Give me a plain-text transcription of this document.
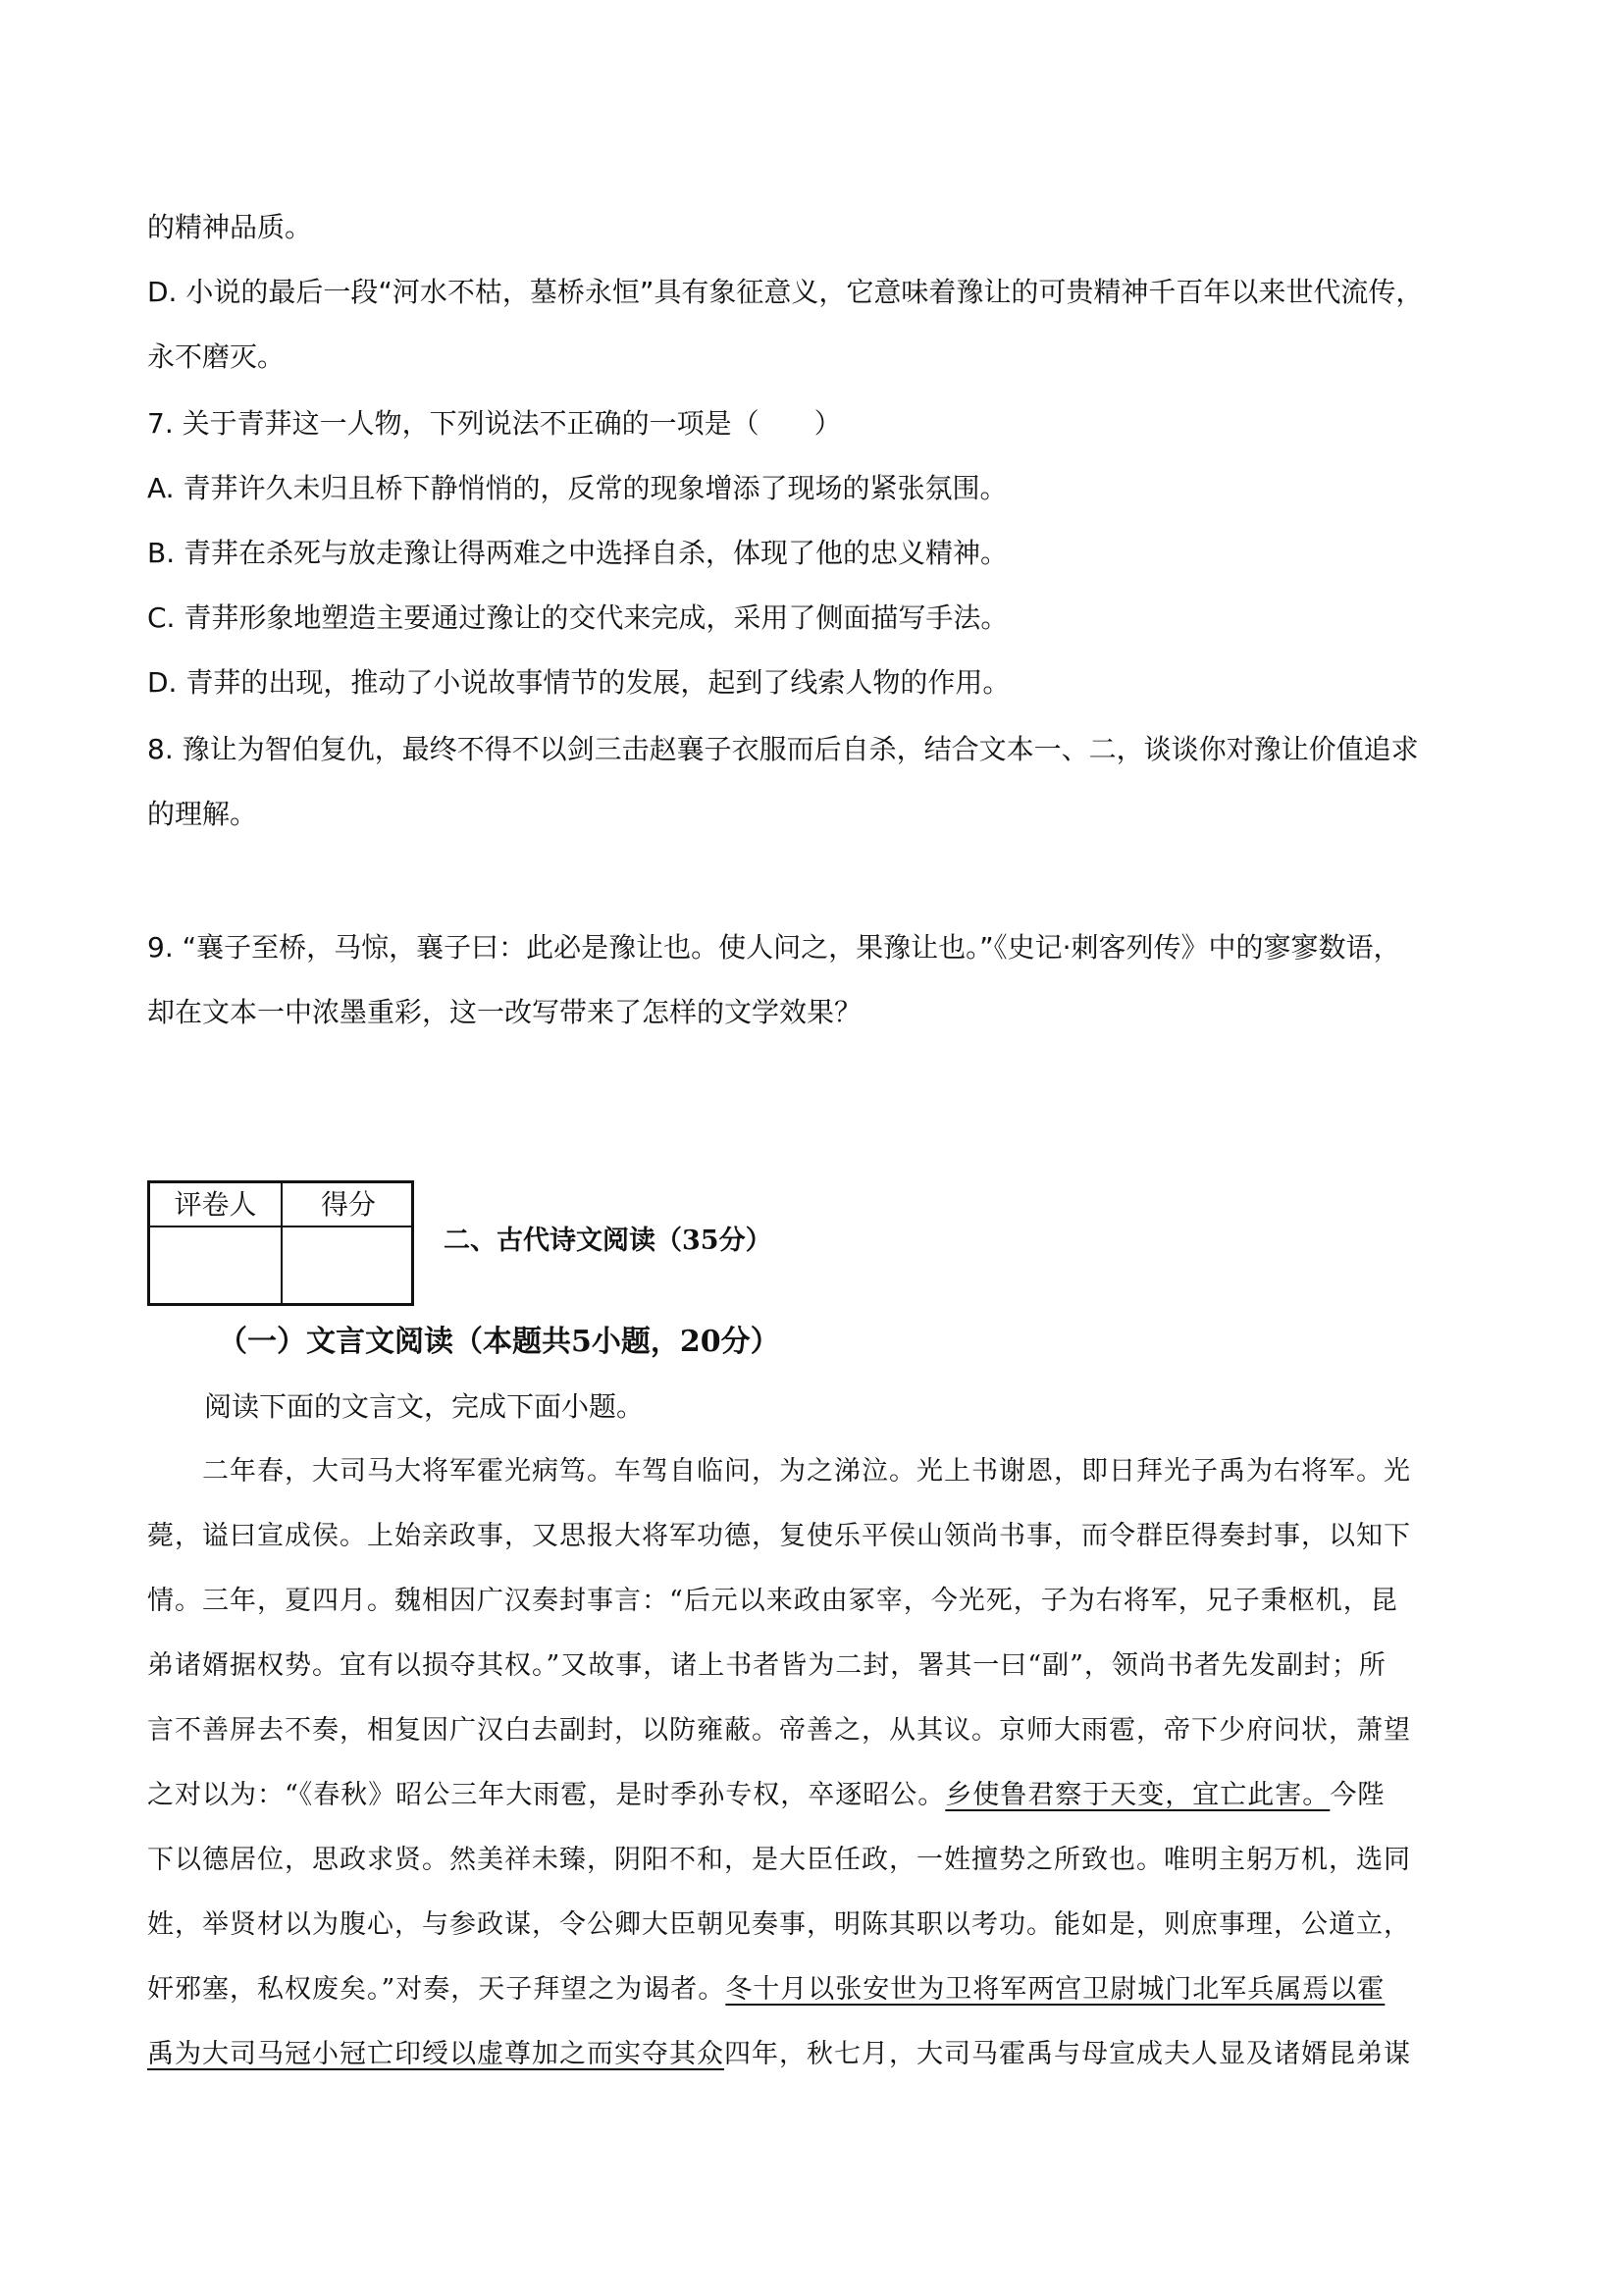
的精神品质。
D. 小说的最后一段“河水不枯，墓桥永恒”具有象征意义，它意味着豫让的可贵精神千百年以来世代流传，
永不磨灭。
7. 关于青荓这一人物，下列说法不正确的一项是（　　）
A. 青荓许久未归且桥下静悄悄的，反常的现象增添了现场的紧张氛围。
B. 青荓在杀死与放走豫让得两难之中选择自杀，体现了他的忠义精神。
C. 青荓形象地塑造主要通过豫让的交代来完成，采用了侧面描写手法。
D. 青荓的出现，推动了小说故事情节的发展，起到了线索人物的作用。
8. 豫让为智伯复仇，最终不得不以剑三击赵襄子衣服而后自杀，结合文本一、二，谈谈你对豫让价值追求
的理解。
9. “襄子至桥，马惊，襄子曰：此必是豫让也。使人问之，果豫让也。”《史记·刺客列传》中的寥寥数语，
却在文本一中浓墨重彩，这一改写带来了怎样的文学效果？
评卷人	得分
二、古代诗文阅读（35分）
（一）文言文阅读（本题共5小题，20分）
阅读下面的文言文，完成下面小题。
　　二年春，大司马大将军霍光病笃。车驾自临问，为之涕泣。光上书谢恩，即日拜光子禹为右将军。光
薨，谥曰宣成侯。上始亲政事，又思报大将军功德，复使乐平侯山领尚书事，而令群臣得奏封事，以知下
情。三年，夏四月。魏相因广汉奏封事言：“后元以来政由冢宰，今光死，子为右将军，兄子秉枢机，昆
弟诸婿据权势。宜有以损夺其权。”又故事，诸上书者皆为二封，署其一曰“副”，领尚书者先发副封；所
言不善屏去不奏，相复因广汉白去副封，以防雍蔽。帝善之，从其议。京师大雨雹，帝下少府问状，萧望
之对以为：“《春秋》昭公三年大雨雹，是时季孙专权，卒逐昭公。乡使鲁君察于天变，宜亡此害。今陛
下以德居位，思政求贤。然美祥未臻，阴阳不和，是大臣任政，一姓擅势之所致也。唯明主躬万机，选同
姓，举贤材以为腹心，与参政谋，令公卿大臣朝见奏事，明陈其职以考功。能如是，则庶事理，公道立，
奸邪塞，私权废矣。”对奏，天子拜望之为谒者。冬十月以张安世为卫将军两宫卫尉城门北军兵属焉以霍
禹为大司马冠小冠亡印绶以虚尊加之而实夺其众四年，秋七月，大司马霍禹与母宣成夫人显及诸婿昆弟谋
